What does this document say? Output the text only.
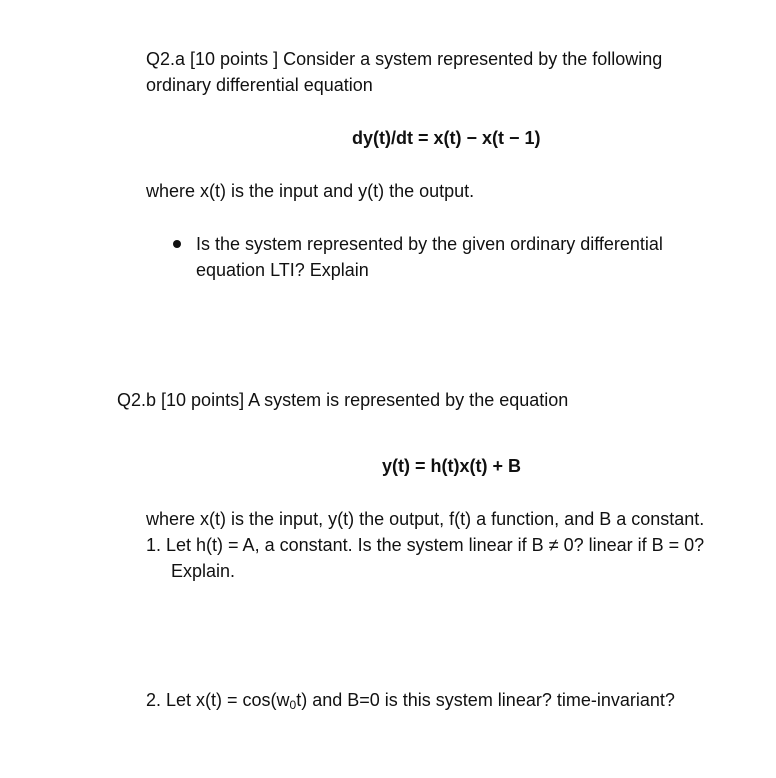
Q2.a [10 points ] Consider a system represented by the following
ordinary differential equation
dy(t)/dt = x(t) − x(t − 1)
where x(t) is the input and y(t) the output.
Is the system represented by the given ordinary differential
equation LTI? Explain
Q2.b [10 points] A system is represented by the equation
y(t) = h(t)x(t) + B
where x(t) is the input, y(t) the output, f(t) a function, and B a constant.
1. Let h(t) = A, a constant. Is the system linear if B ≠ 0? linear if B = 0?
Explain.
2. Let $x(t) = \cos(w_0t)$ and B=0 is this system linear? time-invariant?
